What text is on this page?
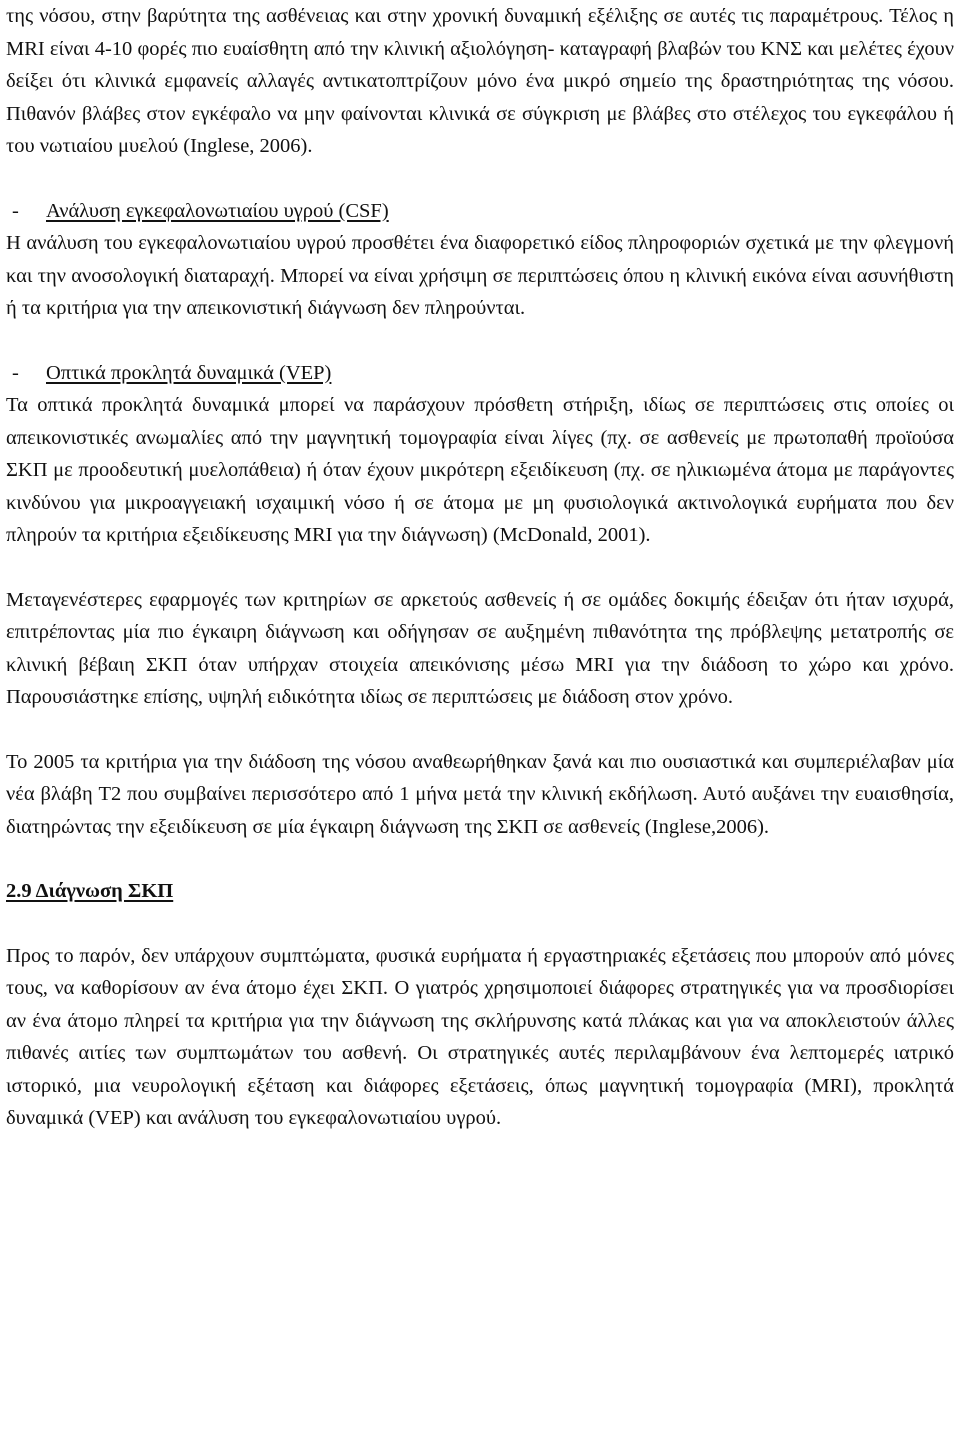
της νόσου, στην βαρύτητα της ασθένειας και στην χρονική δυναμική εξέλιξης σε αυτές τις παραμέτρους. Τέλος η MRI είναι 4-10 φορές πιο ευαίσθητη από την κλινική αξιολόγηση- καταγραφή βλαβών του ΚΝΣ και μελέτες έχουν δείξει ότι κλινικά εμφανείς αλλαγές αντικατοπτρίζουν μόνο ένα μικρό σημείο της δραστηριότητας της νόσου. Πιθανόν βλάβες στον εγκέφαλο να μην φαίνονται κλινικά σε σύγκριση με βλάβες στο στέλεχος του εγκεφάλου ή του νωτιαίου μυελού (Inglese, 2006).

- Ανάλυση εγκεφαλονωτιαίου υγρού (CSF)

Η ανάλυση του εγκεφαλονωτιαίου υγρού προσθέτει ένα διαφορετικό είδος πληροφοριών σχετικά με την φλεγμονή και την ανοσολογική διαταραχή. Μπορεί να είναι χρήσιμη σε περιπτώσεις όπου η κλινική εικόνα είναι ασυνήθιστη ή τα κριτήρια για την απεικονιστική διάγνωση δεν πληρούνται.

- Οπτικά προκλητά δυναμικά (VEP)

Τα οπτικά προκλητά δυναμικά μπορεί να παράσχουν πρόσθετη στήριξη, ιδίως σε περιπτώσεις στις οποίες οι απεικονιστικές ανωμαλίες από την μαγνητική τομογραφία είναι λίγες (πχ. σε ασθενείς με πρωτοπαθή προϊούσα ΣΚΠ με προοδευτική μυελοπάθεια) ή όταν έχουν μικρότερη εξειδίκευση (πχ. σε ηλικιωμένα άτομα με παράγοντες κινδύνου για μικροαγγειακή ισχαιμική νόσο ή σε άτομα με μη φυσιολογικά ακτινολογικά ευρήματα που δεν πληρούν τα κριτήρια εξειδίκευσης MRI για την διάγνωση) (McDonald, 2001).

Μεταγενέστερες εφαρμογές των κριτηρίων σε αρκετούς ασθενείς ή σε ομάδες δοκιμής έδειξαν ότι ήταν ισχυρά, επιτρέποντας μία πιο έγκαιρη διάγνωση και οδήγησαν σε αυξημένη πιθανότητα της πρόβλεψης μετατροπής σε κλινική βέβαιη ΣΚΠ όταν υπήρχαν στοιχεία απεικόνισης μέσω MRI για την διάδοση το χώρο και χρόνο. Παρουσιάστηκε επίσης, υψηλή ειδικότητα ιδίως σε περιπτώσεις με διάδοση στον χρόνο.

Το 2005 τα κριτήρια για την διάδοση της νόσου αναθεωρήθηκαν ξανά και πιο ουσιαστικά και συμπεριέλαβαν μία νέα βλάβη T2 που συμβαίνει περισσότερο από 1 μήνα μετά την κλινική εκδήλωση. Αυτό αυξάνει την ευαισθησία, διατηρώντας την εξειδίκευση σε μία έγκαιρη διάγνωση της ΣΚΠ σε ασθενείς (Inglese,2006).

2.9 Διάγνωση ΣΚΠ

Προς το παρόν, δεν υπάρχουν συμπτώματα, φυσικά ευρήματα ή εργαστηριακές εξετάσεις που μπορούν από μόνες τους, να καθορίσουν αν ένα άτομο έχει ΣΚΠ. Ο γιατρός χρησιμοποιεί διάφορες στρατηγικές για να προσδιορίσει αν ένα άτομο πληρεί τα κριτήρια για την διάγνωση της σκλήρυνσης κατά πλάκας και για να αποκλειστούν άλλες πιθανές αιτίες των συμπτωμάτων του ασθενή. Οι στρατηγικές αυτές περιλαμβάνουν ένα λεπτομερές ιατρικό ιστορικό, μια νευρολογική εξέταση και διάφορες εξετάσεις, όπως μαγνητική τομογραφία (MRI), προκλητά δυναμικά (VEP) και ανάλυση του εγκεφαλονωτιαίου υγρού.
